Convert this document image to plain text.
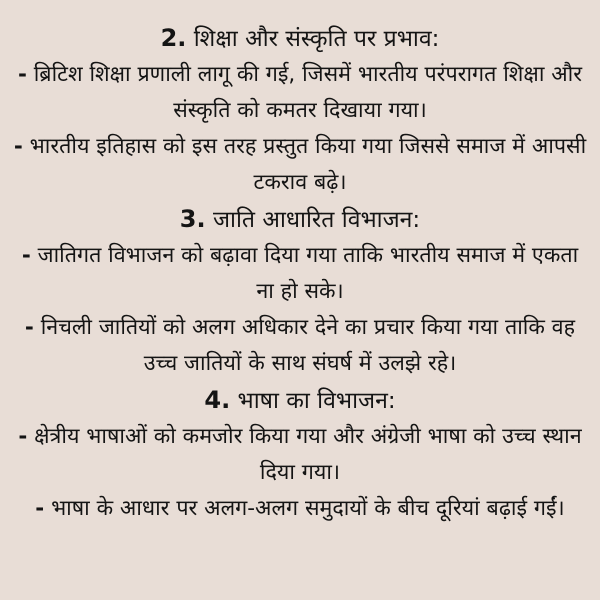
2. शिक्षा और संस्कृति पर प्रभाव:

- ब्रिटिश शिक्षा प्रणाली लागू की गई, जिसमें भारतीय परंपरागत शिक्षा और संस्कृति को कमतर दिखाया गया।

- भारतीय इतिहास को इस तरह प्रस्तुत किया गया जिससे समाज में आपसी टकराव बढ़े।

3. जाति आधारित विभाजन:

- जातिगत विभाजन को बढ़ावा दिया गया ताकि भारतीय समाज में एकता ना हो सके।

- निचली जातियों को अलग अधिकार देने का प्रचार किया गया ताकि वह उच्च जातियों के साथ संघर्ष में उलझे रहे।

4. भाषा का विभाजन:

- क्षेत्रीय भाषाओं को कमजोर किया गया और अंग्रेजी भाषा को उच्च स्थान दिया गया।

- भाषा के आधार पर अलग-अलग समुदायों के बीच दूरियां बढ़ाई गईं।
